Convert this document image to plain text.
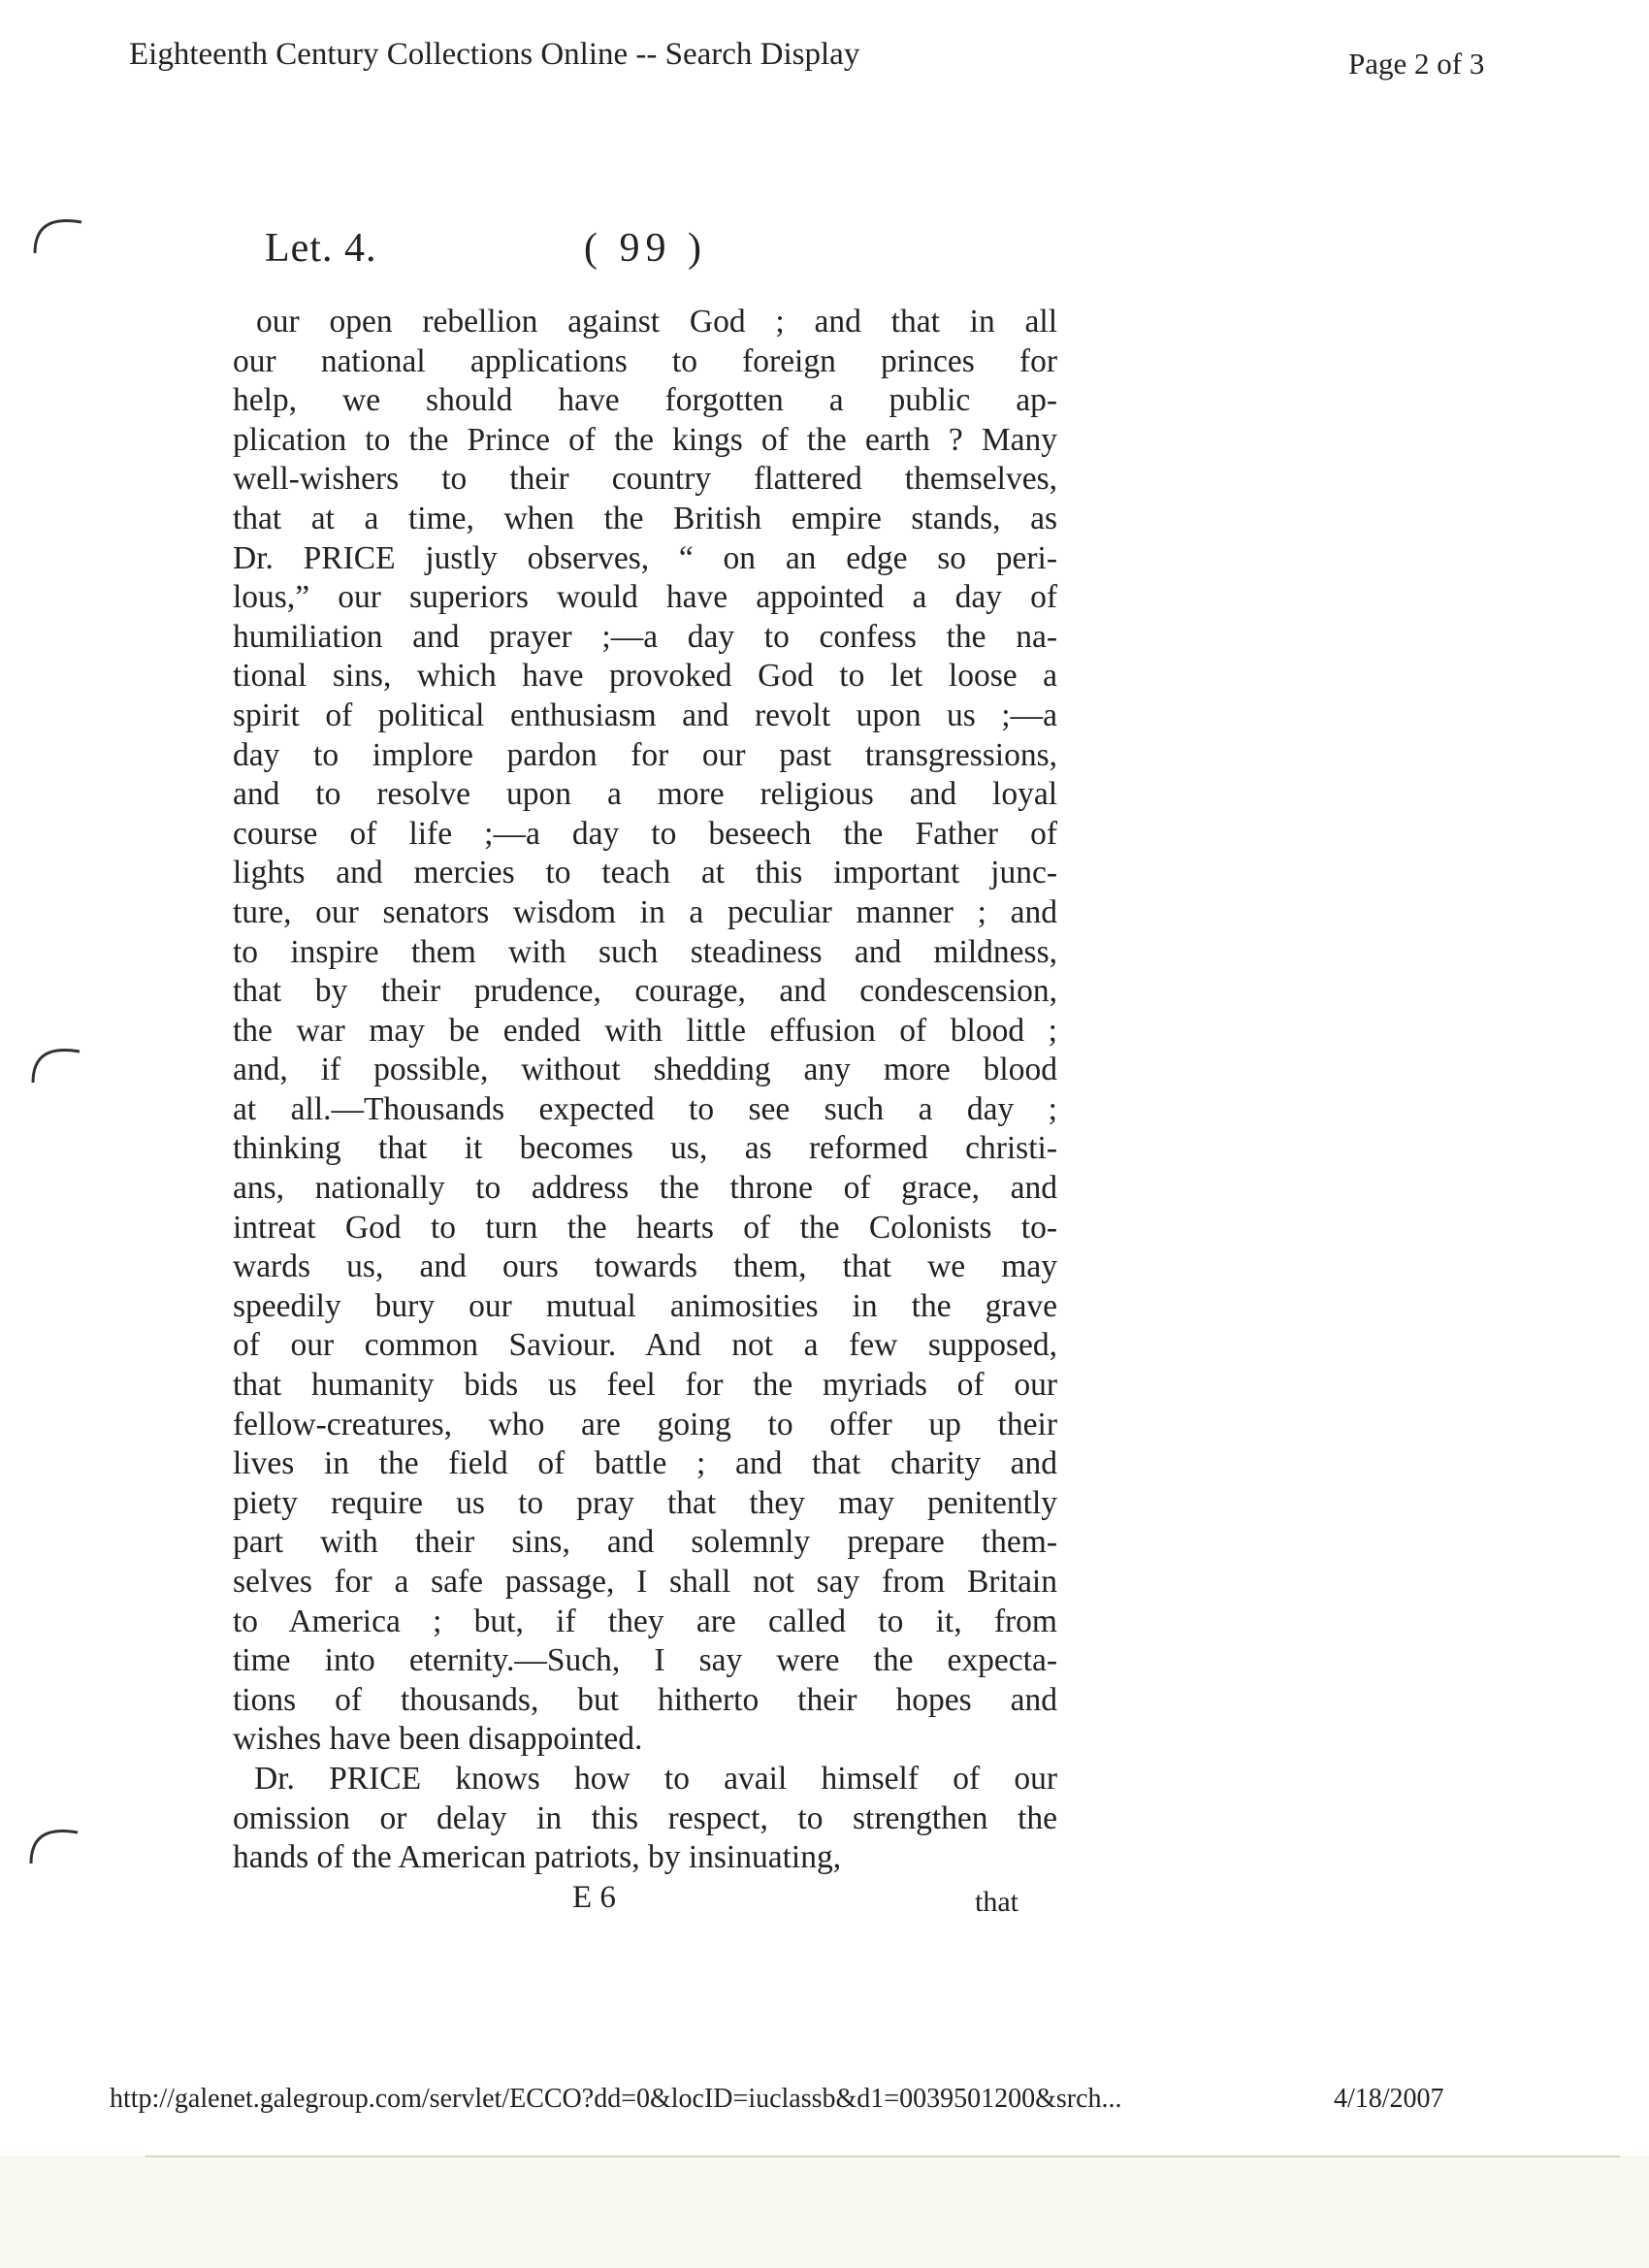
Eighteenth Century Collections Online -- Search Display	Page 2 of 3
Let. 4.	( 99 )
our open rebellion against God ; and that in all
our national applications to foreign princes for
help, we should have forgotten a public ap-
plication to the Prince of the kings of the earth ? Many
well-wishers to their country flattered themselves,
that at a time, when the British empire stands, as
Dr. PRICE justly observes, “ on an edge so peri-
lous,” our superiors would have appointed a day of
humiliation and prayer ;—a day to confess the na-
tional sins, which have provoked God to let loose a
spirit of political enthusiasm and revolt upon us ;—a
day to implore pardon for our past transgressions,
and to resolve upon a more religious and loyal
course of life ;—a day to beseech the Father of
lights and mercies to teach at this important junc-
ture, our senators wisdom in a peculiar manner ; and
to inspire them with such steadiness and mildness,
that by their prudence, courage, and condescension,
the war may be ended with little effusion of blood ;
and, if possible, without shedding any more blood
at all.—Thousands expected to see such a day ;
thinking that it becomes us, as reformed christi-
ans, nationally to address the throne of grace, and
intreat God to turn the hearts of the Colonists to-
wards us, and ours towards them, that we may
speedily bury our mutual animosities in the grave
of our common Saviour. And not a few supposed,
that humanity bids us feel for the myriads of our
fellow-creatures, who are going to offer up their
lives in the field of battle ; and that charity and
piety require us to pray that they may penitently
part with their sins, and solemnly prepare them-
selves for a safe passage, I shall not say from Britain
to America ; but, if they are called to it, from
time into eternity.—Such, I say were the expecta-
tions of thousands, but hitherto their hopes and
wishes have been disappointed.
Dr. PRICE knows how to avail himself of our
omission or delay in this respect, to strengthen the
hands of the American patriots, by insinuating,
E 6	that
http://galenet.galegroup.com/servlet/ECCO?dd=0&locID=iuclassb&d1=0039501200&srch...	4/18/2007
